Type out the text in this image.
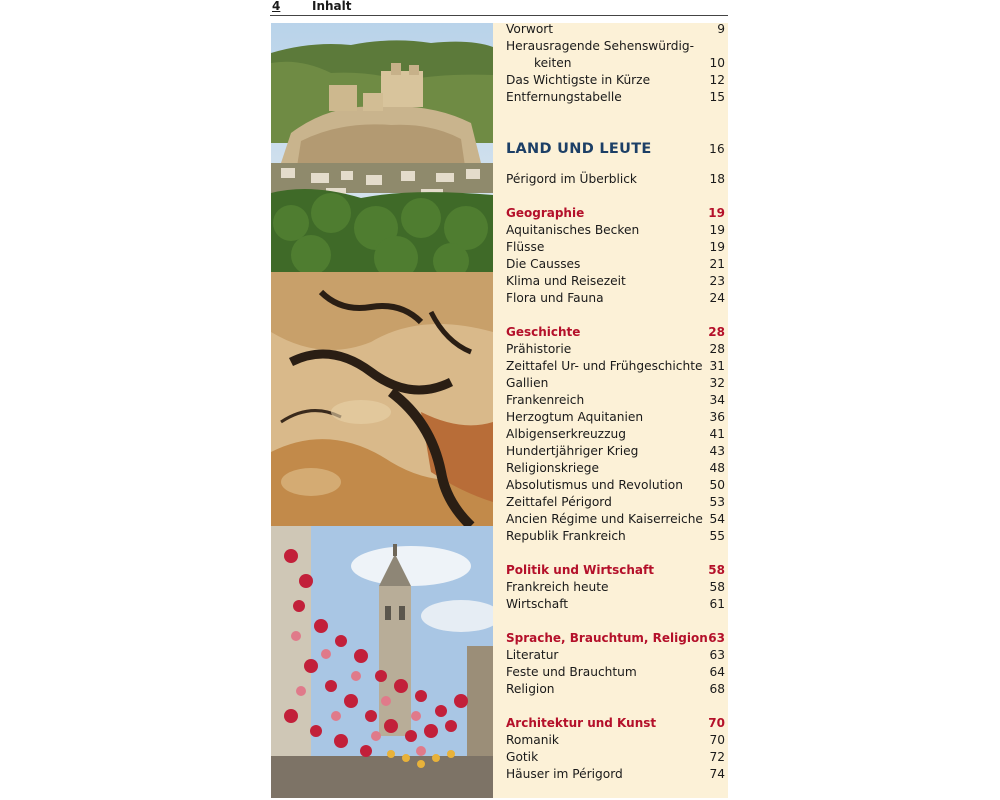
4	Inhalt
Vorwort	9
Herausragende Sehenswürdig-
keiten	10
Das Wichtigste in Kürze	12
Entfernungstabelle	15
LAND UND LEUTE	16
Périgord im Überblick	18
Geographie	19
Aquitanisches Becken	19
Flüsse	19
Die Causses	21
Klima und Reisezeit	23
Flora und Fauna	24
Geschichte	28
Prähistorie	28
Zeittafel Ur- und Frühgeschichte 31
Gallien	32
Frankenreich	34
Herzogtum Aquitanien	36
Albigenserkreuzzug	41
Hundertjähriger Krieg	43
Religionskriege	48
Absolutismus und Revolution 50
Zeittafel Périgord	53
Ancien Régime und Kaiserreiche 54
Republik Frankreich	55
Politik und Wirtschaft	58
Frankreich heute	58
Wirtschaft	61
Sprache, Brauchtum, Religion 63
Literatur	63
Feste und Brauchtum	64
Religion	68
Architektur und Kunst	70
Romanik	70
Gotik	72
Häuser im Périgord	74
